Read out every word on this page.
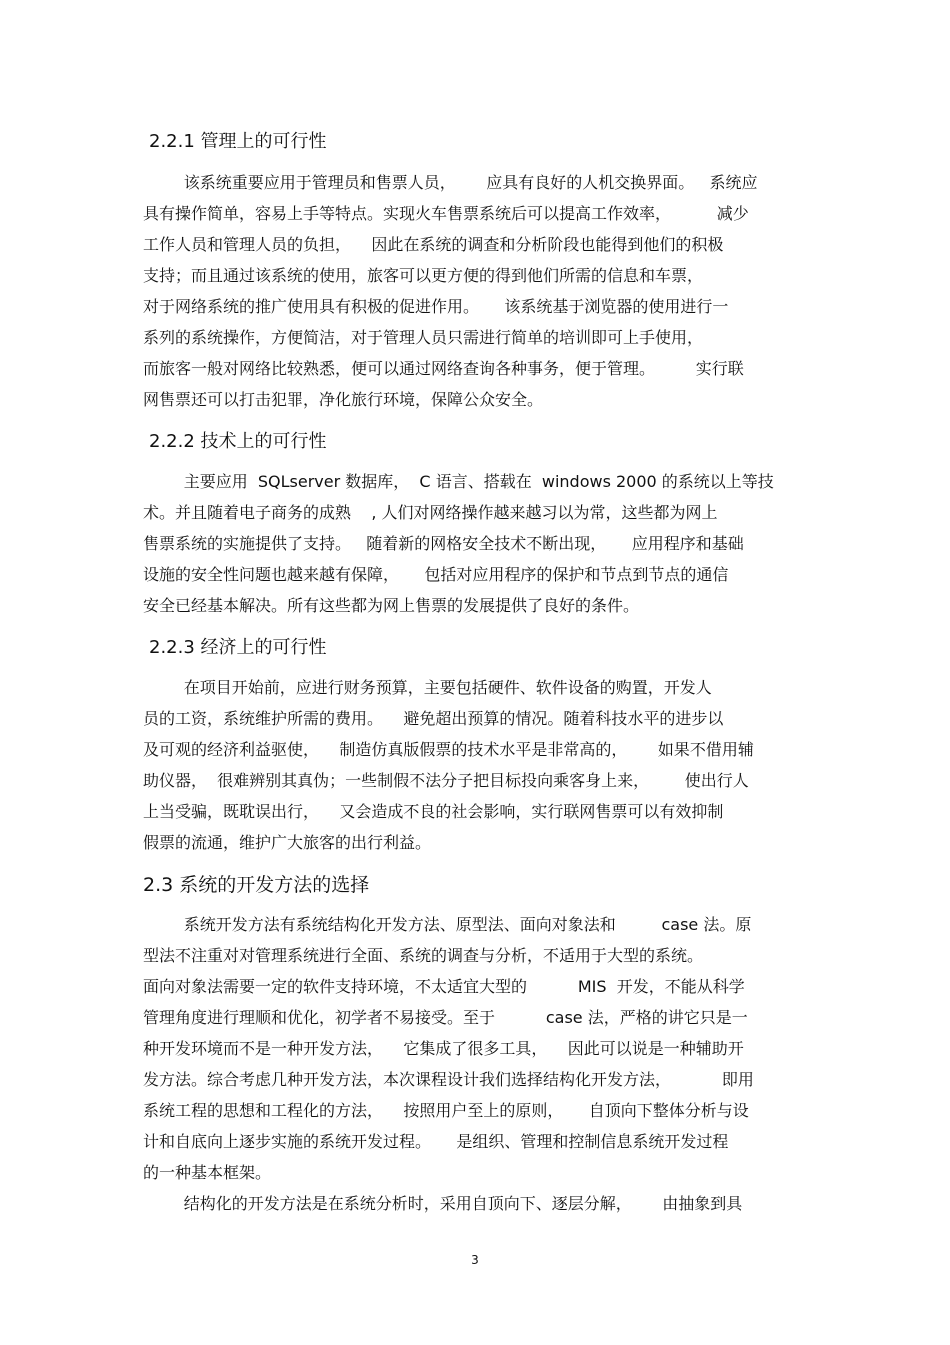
2.2.1 管理上的可行性
该系统重要应用于管理员和售票人员，      应具有良好的人机交换界面。   系统应
具有操作简单，容易上手等特点。实现火车售票系统后可以提高工作效率，         减少
工作人员和管理人员的负担，    因此在系统的调查和分析阶段也能得到他们的积极
支持；而且通过该系统的使用，旅客可以更方便的得到他们所需的信息和车票，
对于网络系统的推广使用具有积极的促进作用。     该系统基于浏览器的使用进行一
系列的系统操作，方便简洁，对于管理人员只需进行简单的培训即可上手使用，
而旅客一般对网络比较熟悉，便可以通过网络查询各种事务，便于管理。        实行联
网售票还可以打击犯罪，净化旅行环境，保障公众安全。
2.2.2 技术上的可行性
主要应用  SQLserver 数据库，  C 语言、搭载在  windows 2000 的系统以上等技
术。并且随着电子商务的成熟    , 人们对网络操作越来越习以为常，这些都为网上
售票系统的实施提供了支持。   随着新的网格安全技术不断出现，     应用程序和基础
设施的安全性问题也越来越有保障，     包括对应用程序的保护和节点到节点的通信
安全已经基本解决。所有这些都为网上售票的发展提供了良好的条件。
2.2.3 经济上的可行性
在项目开始前，应进行财务预算，主要包括硬件、软件设备的购置，开发人
员的工资，系统维护所需的费用。    避免超出预算的情况。随着科技水平的进步以
及可观的经济利益驱使，    制造仿真版假票的技术水平是非常高的，      如果不借用辅
助仪器，  很难辨别其真伪；一些制假不法分子把目标投向乘客身上来，       使出行人
上当受骗，既耽误出行，    又会造成不良的社会影响，实行联网售票可以有效抑制
假票的流通，维护广大旅客的出行利益。
2.3 系统的开发方法的选择
系统开发方法有系统结构化开发方法、原型法、面向对象法和         case 法。原
型法不注重对对管理系统进行全面、系统的调查与分析，不适用于大型的系统。
面向对象法需要一定的软件支持环境，不太适宜大型的          MIS  开发，不能从科学
管理角度进行理顺和优化，初学者不易接受。至于          case 法，严格的讲它只是一
种开发环境而不是一种开发方法，    它集成了很多工具，    因此可以说是一种辅助开
发方法。综合考虑几种开发方法，本次课程设计我们选择结构化开发方法，          即用
系统工程的思想和工程化的方法，    按照用户至上的原则，     自顶向下整体分析与设
计和自底向上逐步实施的系统开发过程。     是组织、管理和控制信息系统开发过程
的一种基本框架。
结构化的开发方法是在系统分析时，采用自顶向下、逐层分解，      由抽象到具
3
